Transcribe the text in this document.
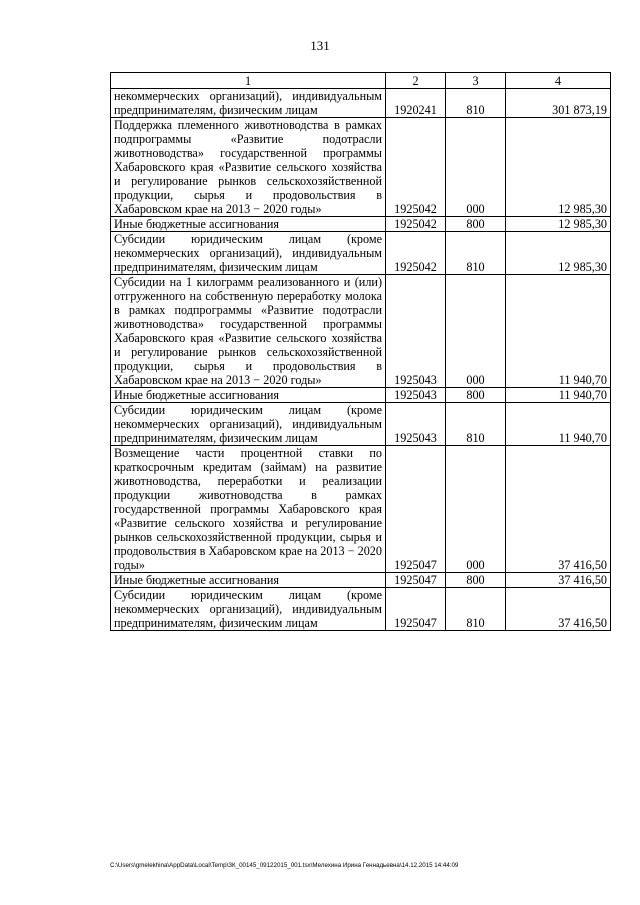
131
1	2	3	4
некоммерческих организаций), индивидуальным предпринимателям, физическим лицам	1920241	810	301 873,19
Поддержка племенного животноводства в рамках подпрограммы «Развитие подотрасли животноводства» государственной программы Хабаровского края «Развитие сельского хозяйства и регулирование рынков сельскохозяйственной продукции, сырья и продовольствия в Хабаровском крае на 2013 − 2020 годы»	1925042	000	12 985,30
Иные бюджетные ассигнования	1925042	800	12 985,30
Субсидии юридическим лицам (кроме некоммерческих организаций), индивидуальным предпринимателям, физическим лицам	1925042	810	12 985,30
Субсидии на 1 килограмм реализованного и (или) отгруженного на собственную переработку молока в рамках подпрограммы «Развитие подотрасли животноводства» государственной программы Хабаровского края «Развитие сельского хозяйства и регулирование рынков сельскохозяйственной продукции, сырья и продовольствия в Хабаровском крае на 2013 − 2020 годы»	1925043	000	11 940,70
Иные бюджетные ассигнования	1925043	800	11 940,70
Субсидии юридическим лицам (кроме некоммерческих организаций), индивидуальным предпринимателям, физическим лицам	1925043	810	11 940,70
Возмещение части процентной ставки по краткосрочным кредитам (займам) на развитие животноводства, переработки и реализации продукции животноводства в рамках государственной программы Хабаровского края «Развитие сельского хозяйства и регулирование рынков сельскохозяйственной продукции, сырья и продовольствия в Хабаровском крае на 2013 − 2020 годы»	1925047	000	37 416,50
Иные бюджетные ассигнования	1925047	800	37 416,50
Субсидии юридическим лицам (кроме некоммерческих организаций), индивидуальным предпринимателям, физическим лицам	1925047	810	37 416,50
C:\Users\gmelekhina\AppData\Local\Temp\ЗК_00145_09122015_001.tsx\Мелехина Ирина Геннадьевна\14.12.2015 14:44:09
